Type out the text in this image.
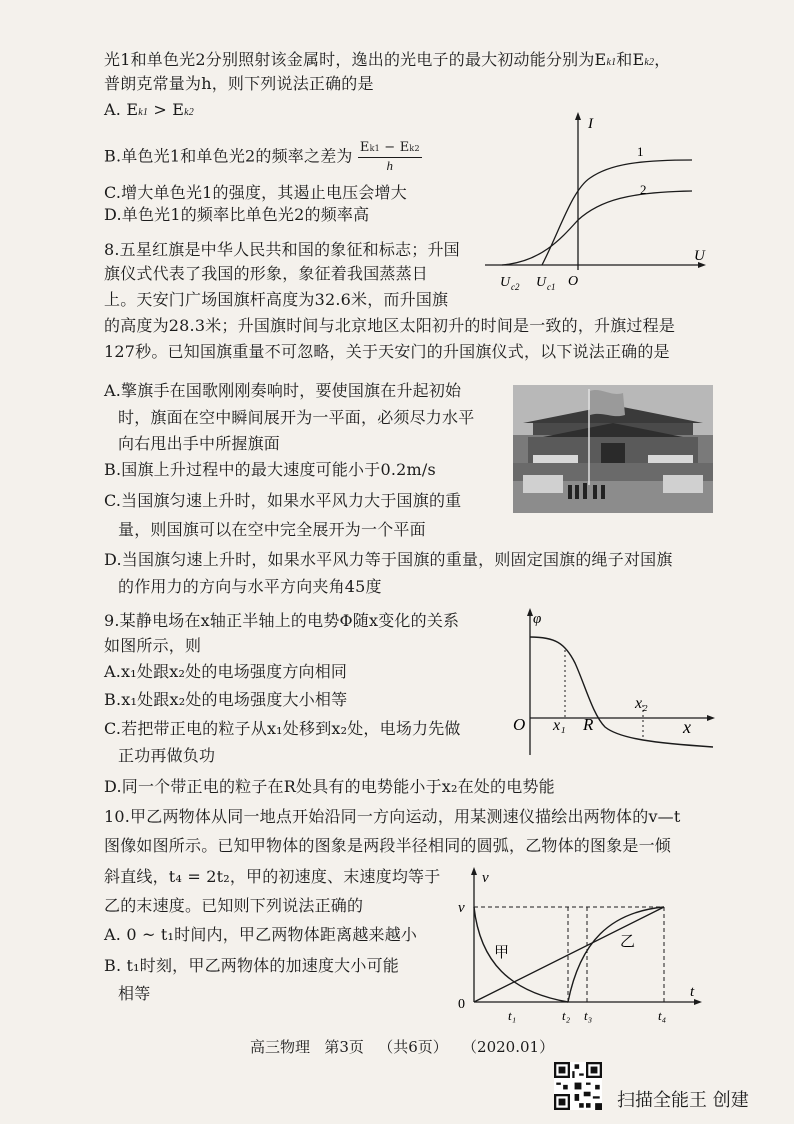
光1和单色光2分别照射该金属时，逸出的光电子的最大初动能分别为Ek1和Ek2，
普朗克常量为h，则下列说法正确的是
A. Ek1 > Ek2
B.单色光1和单色光2的频率之差为 $\frac{Ek1 - Ek2}{h}$
C.增大单色光1的强度，其遏止电压会增大
D.单色光1的频率比单色光2的频率高
I
U
O
1
2
U c2 U c1
8.五星红旗是中华人民共和国的象征和标志；升国
旗仪式代表了我国的形象，象征着我国蒸蒸日
上。天安门广场国旗杆高度为32.6米，而升国旗
的高度为28.3米；升国旗时间与北京地区太阳初升的时间是一致的，升旗过程是
127秒。已知国旗重量不可忽略，关于天安门的升国旗仪式，以下说法正确的是
A.擎旗手在国歌刚刚奏响时，要使国旗在升起初始
时，旗面在空中瞬间展开为一平面，必须尽力水平
向右甩出手中所握旗面
B.国旗上升过程中的最大速度可能小于0.2m/s
C.当国旗匀速上升时，如果水平风力大于国旗的重
量，则国旗可以在空中完全展开为一个平面
D.当国旗匀速上升时，如果水平风力等于国旗的重量，则固定国旗的绳子对国旗
的作用力的方向与水平方向夹角45度
9.某静电场在x轴正半轴上的电势Φ随x变化的关系
如图所示，则
A.x₁处跟x₂处的电场强度方向相同
B.x₁处跟x₂处的电场强度大小相等
C.若把带正电的粒子从x₁处移到x₂处，电场力先做
正功再做负功
D.同一个带正电的粒子在R处具有的电势能小于x₂在处的电势能
φ
x
O x₁ R
x₂
10.甲乙两物体从同一地点开始沿同一方向运动，用某测速仪描绘出两物体的v—t
图像如图所示。已知甲物体的图象是两段半径相同的圆弧，乙物体的图象是一倾
斜直线，t₄ = 2t₂，甲的初速度、末速度均等于
乙的末速度。已知则下列说法正确的
A. 0 ~ t₁时间内，甲乙两物体距离越来越小
B. t₁时刻，甲乙两物体的加速度大小可能
相等
v
t
v
0
甲
乙
t₁	t₂ t₃	t₄
高三物理 第3页 （共6页） （2020.01）
扫描全能王 创建
